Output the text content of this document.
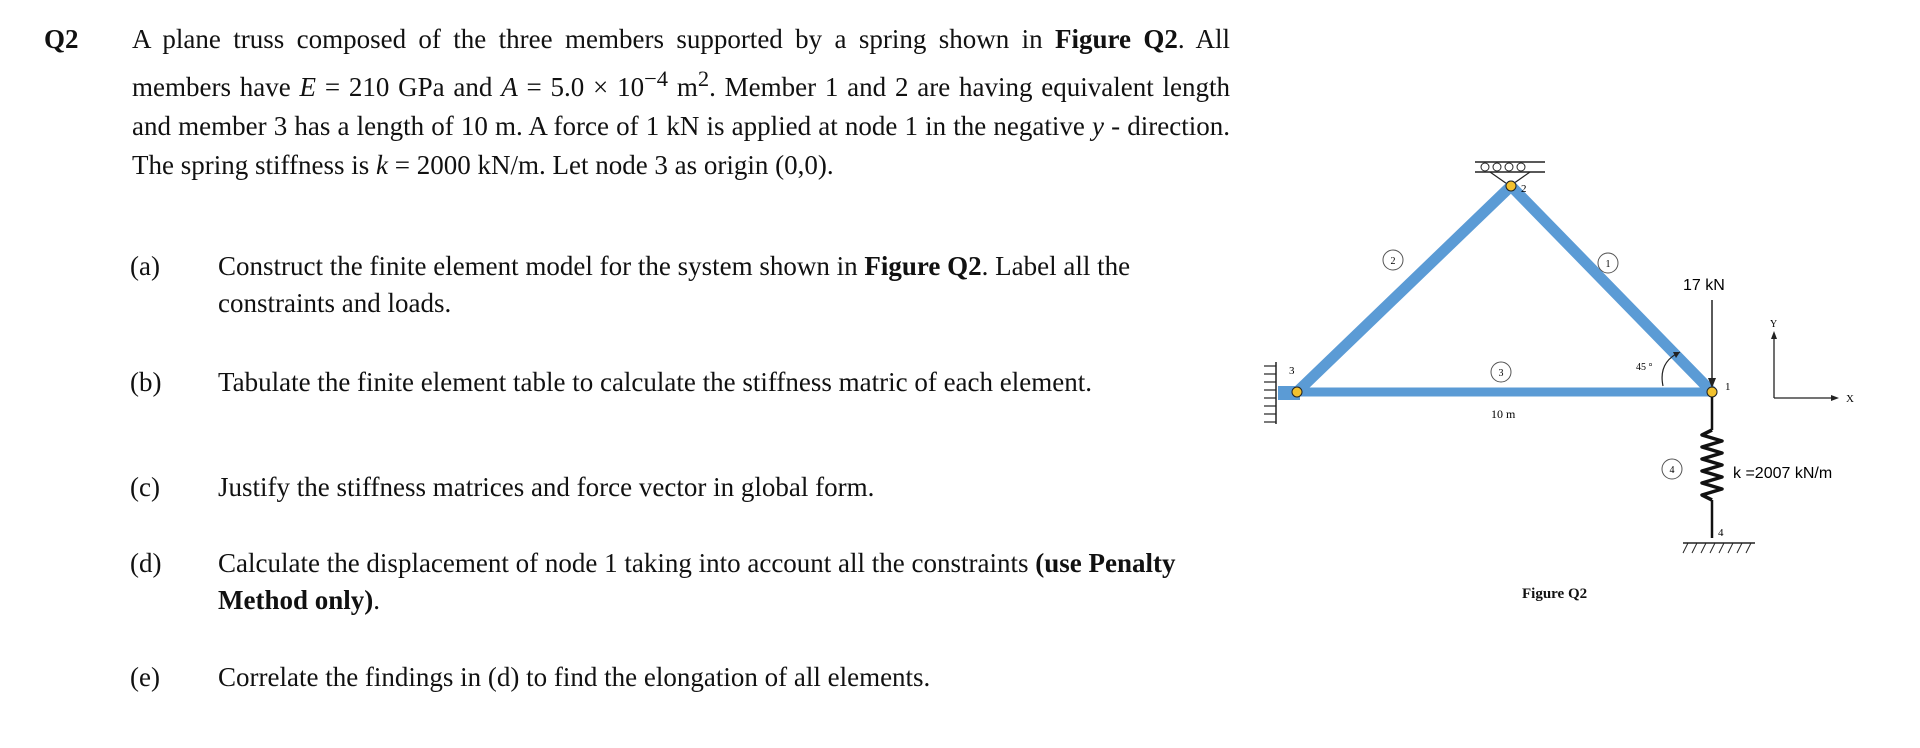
Q2 A plane truss composed of the three members supported by a spring shown in Figure Q2. All members have E = 210 GPa and $A = 5.0 \times 10^{-4}$ $m^2$. Member 1 and 2 are having equivalent length and member 3 has a length of 10 m. A force of 1 kN is applied at node 1 in the negative y - direction. The spring stiffness is k = 2000 kN/m. Let node 3 as origin (0,0).
(a) Construct the finite element model for the system shown in Figure Q2. Label all the constraints and loads.
(b) Tabulate the finite element table to calculate the stiffness matric of each element.
(c) Justify the stiffness matrices and force vector in global form.
(d) Calculate the displacement of node 1 taking into account all the constraints (use Penalty Method only).
(e) Correlate the findings in (d) to find the elongation of all elements.
2
3
1
4
2	1
3
4
10 m
45 °
17 kN
k =2007 kN/m
Y
X
Figure Q2
